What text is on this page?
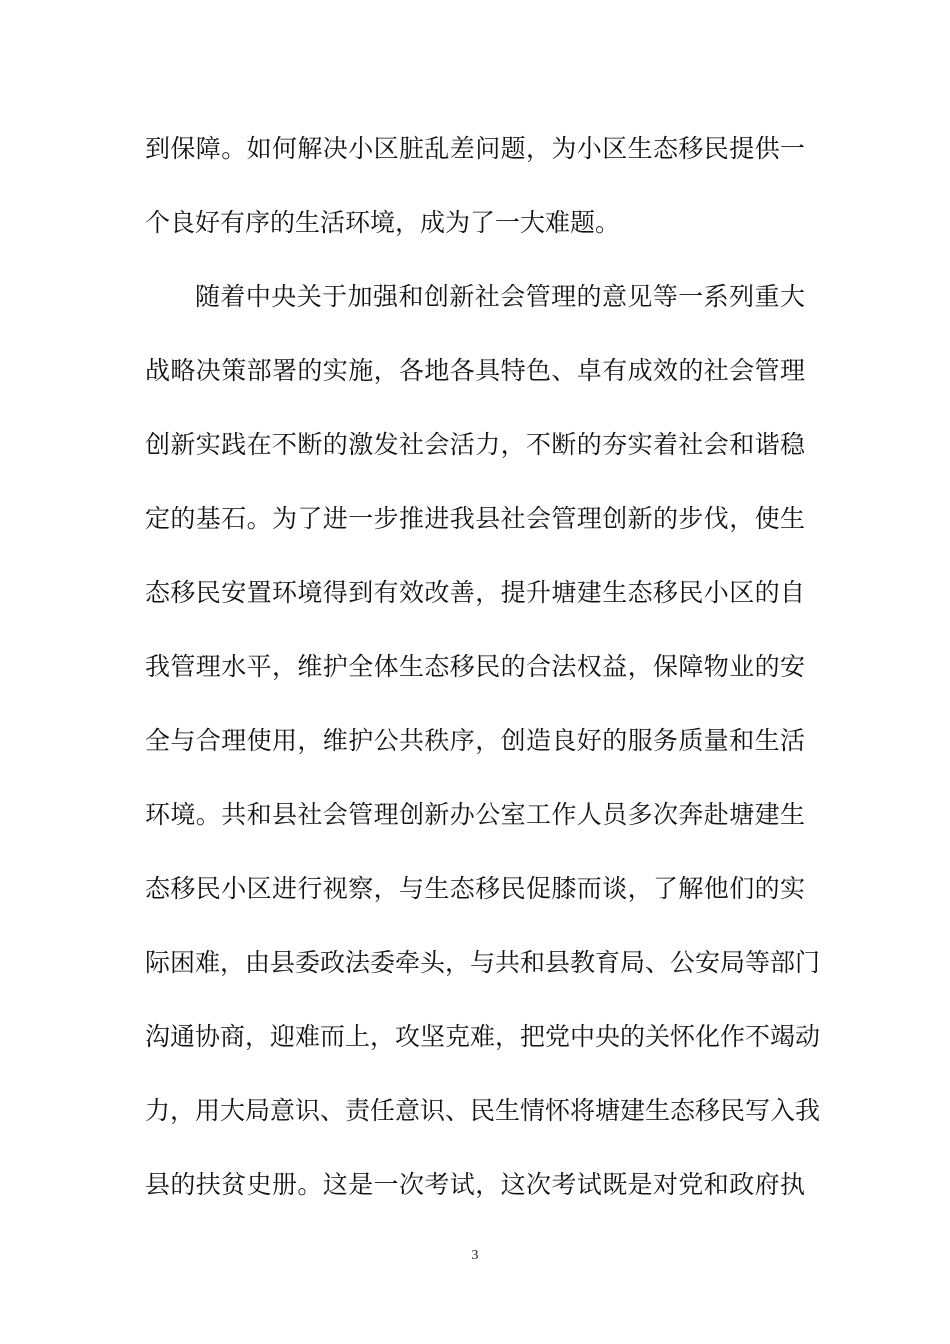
到保障。如何解决小区脏乱差问题，为小区生态移民提供一
个良好有序的生活环境，成为了一大难题。
随着中央关于加强和创新社会管理的意见等一系列重大
战略决策部署的实施，各地各具特色、卓有成效的社会管理
创新实践在不断的激发社会活力，不断的夯实着社会和谐稳
定的基石。为了进一步推进我县社会管理创新的步伐，使生
态移民安置环境得到有效改善，提升塘建生态移民小区的自
我管理水平，维护全体生态移民的合法权益，保障物业的安
全与合理使用，维护公共秩序，创造良好的服务质量和生活
环境。共和县社会管理创新办公室工作人员多次奔赴塘建生
态移民小区进行视察，与生态移民促膝而谈，了解他们的实
际困难，由县委政法委牵头，与共和县教育局、公安局等部门
沟通协商，迎难而上，攻坚克难，把党中央的关怀化作不竭动
力，用大局意识、责任意识、民生情怀将塘建生态移民写入我
县的扶贫史册。这是一次考试，这次考试既是对党和政府执
3
